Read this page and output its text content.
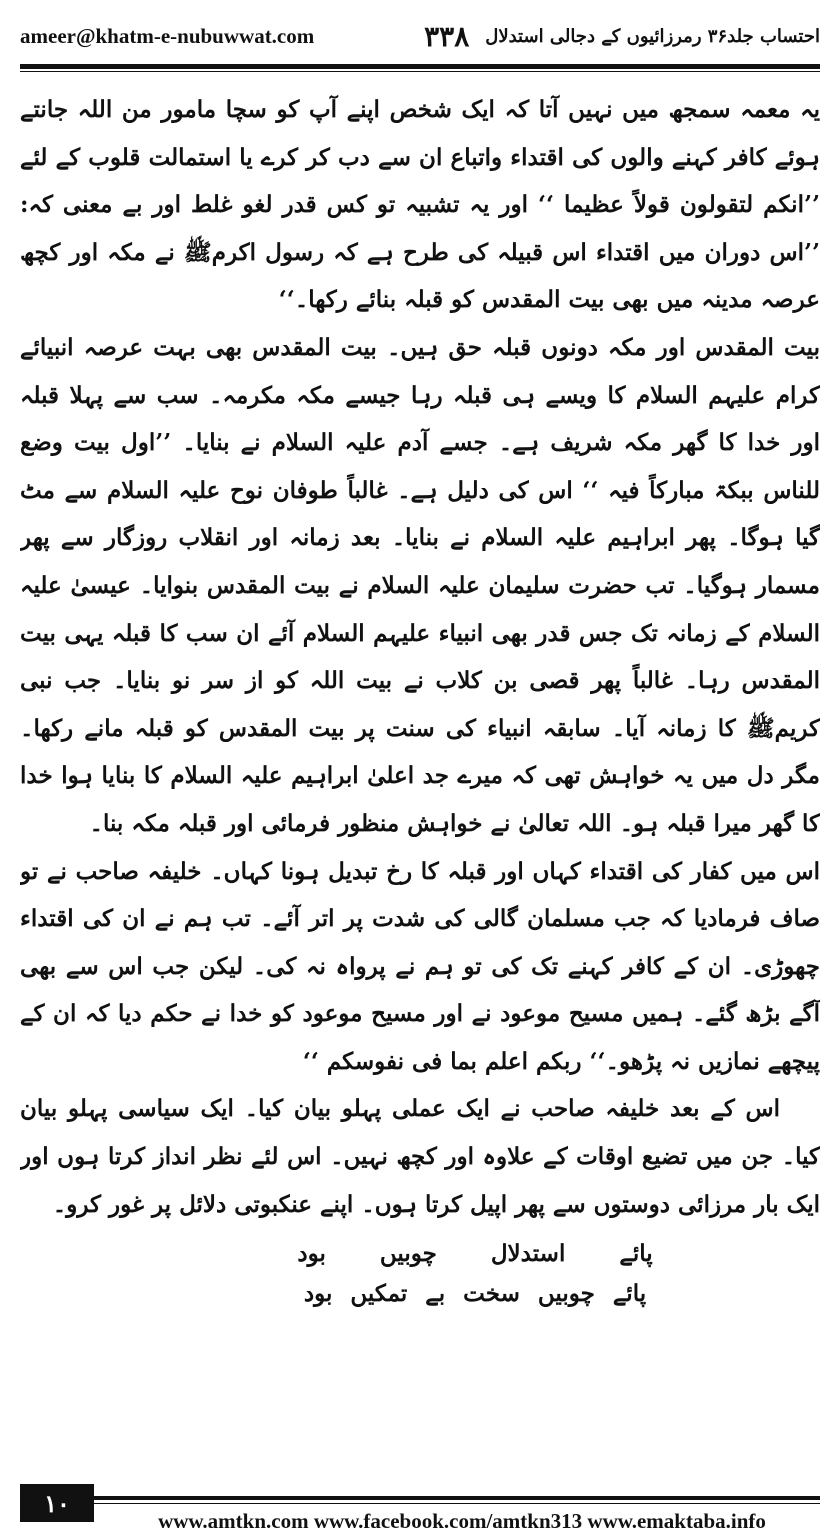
ameer@khatm-e-nubuwwat.com	احتساب جلد۳۶ رمرزائیوں کے دجالی استدلال
۳۳۸

یہ معمہ سمجھ میں نہیں آتا کہ ایک شخص اپنے آپ کو سچا مامور من اللہ جانتے ہوئے کافر کہنے والوں کی اقتداء واتباع ان سے دب کر کرے یا استمالت قلوب کے لئے ’’انکم لتقولون قولاً عظیما ‘‘ اور یہ تشبیہ تو کس قدر لغو غلط اور بے معنی کہ: ’’اس دوران میں اقتداء اس قبیلہ کی طرح ہے کہ رسول اکرمﷺ نے مکہ اور کچھ عرصہ مدینہ میں بھی بیت المقدس کو قبلہ بنائے رکھا۔‘‘

بیت المقدس اور مکہ دونوں قبلہ حق ہیں۔ بیت المقدس بھی بہت عرصہ انبیائے کرام علیہم السلام کا ویسے ہی قبلہ رہا جیسے مکہ مکرمہ۔ سب سے پہلا قبلہ اور خدا کا گھر مکہ شریف ہے۔ جسے آدم علیہ السلام نے بنایا۔ ’’اول بیت وضع للناس ببکۃ مبارکاً فیہ ‘‘ اس کی دلیل ہے۔ غالباً طوفان نوح علیہ السلام سے مٹ گیا ہوگا۔ پھر ابراہیم علیہ السلام نے بنایا۔ بعد زمانہ اور انقلاب روزگار سے پھر مسمار ہوگیا۔ تب حضرت سلیمان علیہ السلام نے بیت المقدس بنوایا۔ عیسیٰ علیہ السلام کے زمانہ تک جس قدر بھی انبیاء علیہم السلام آئے ان سب کا قبلہ یہی بیت المقدس رہا۔ غالباً پھر قصی بن کلاب نے بیت اللہ کو از سر نو بنایا۔ جب نبی کریمﷺ کا زمانہ آیا۔ سابقہ انبیاء کی سنت پر بیت المقدس کو قبلہ مانے رکھا۔ مگر دل میں یہ خواہش تھی کہ میرے جد اعلیٰ ابراہیم علیہ السلام کا بنایا ہوا خدا کا گھر میرا قبلہ ہو۔ اللہ تعالیٰ نے خواہش منظور فرمائی اور قبلہ مکہ بنا۔

اس میں کفار کی اقتداء کہاں اور قبلہ کا رخ تبدیل ہونا کہاں۔ خلیفہ صاحب نے تو صاف فرمادیا کہ جب مسلمان گالی کی شدت پر اتر آئے۔ تب ہم نے ان کی اقتداء چھوڑی۔ ان کے کافر کہنے تک کی تو ہم نے پرواہ نہ کی۔ لیکن جب اس سے بھی آگے بڑھ گئے۔ ہمیں مسیح موعود نے اور مسیح موعود کو خدا نے حکم دیا کہ ان کے پیچھے نمازیں نہ پڑھو۔‘‘ ربکم اعلم بما فی نفوسکم ‘‘

اس کے بعد خلیفہ صاحب نے ایک عملی پہلو بیان کیا۔ ایک سیاسی پہلو بیان کیا۔ جن میں تضیع اوقات کے علاوہ اور کچھ نہیں۔ اس لئے نظر انداز کرتا ہوں اور ایک بار مرزائی دوستوں سے پھر اپیل کرتا ہوں۔ اپنے عنکبوتی دلائل پر غور کرو۔

پائے
استدلال
چوبیں
بود
پائے
چوبیں
سخت
بے
تمکیں
بود
۱۰
www.amtkn.com www.facebook.com/amtkn313 www.emaktaba.info
